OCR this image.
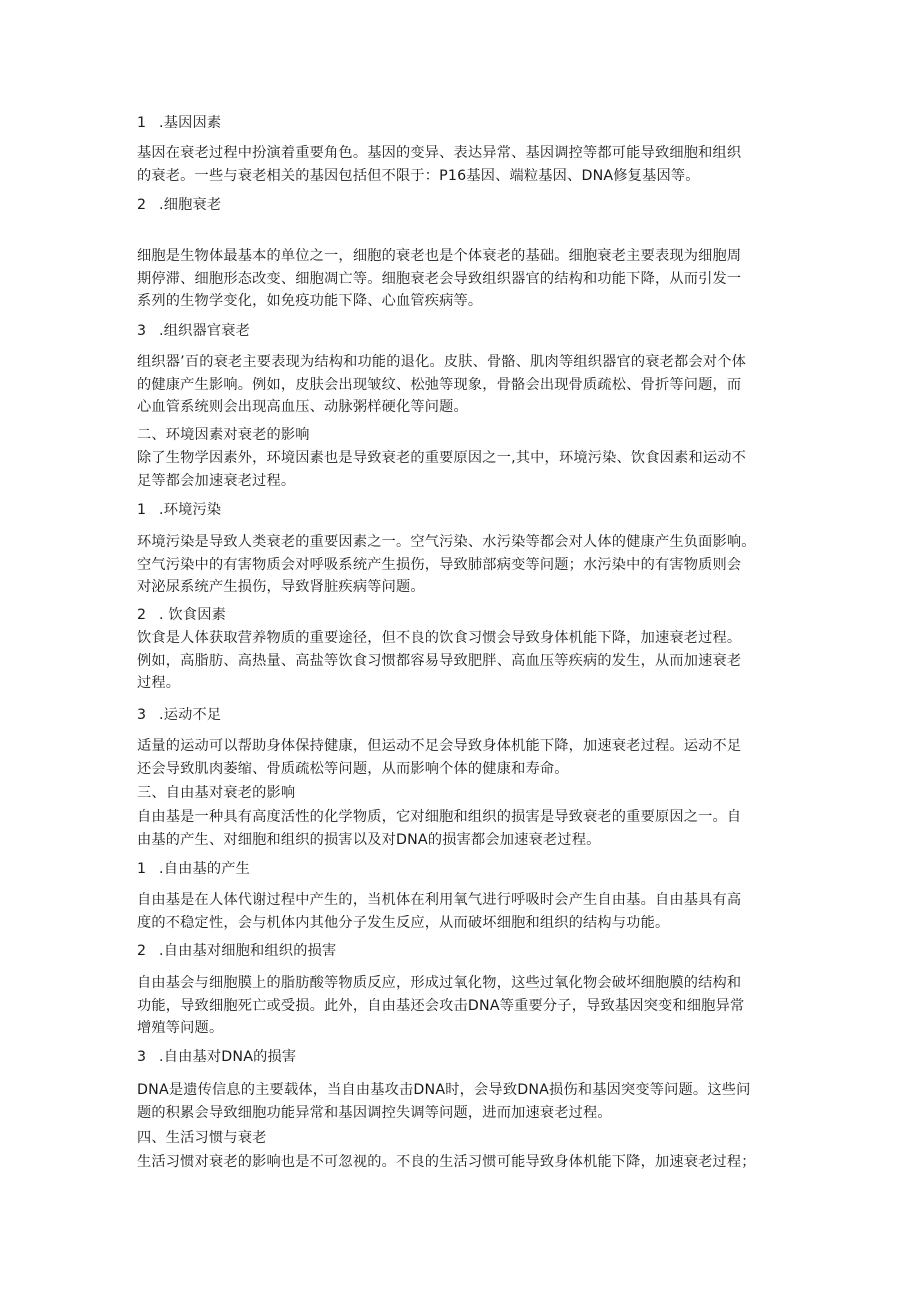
1 .基因因素
基因在衰老过程中扮演着重要角色。基因的变异、表达异常、基因调控等都可能导致细胞和组织
的衰老。一些与衰老相关的基因包括但不限于：P16基因、端粒基因、DNA修复基因等。
2 .细胞衰老
细胞是生物体最基本的单位之一，细胞的衰老也是个体衰老的基础。细胞衰老主要表现为细胞周
期停滞、细胞形态改变、细胞凋亡等。细胞衰老会导致组织器官的结构和功能下降，从而引发一
系列的生物学变化，如免疫功能下降、心血管疾病等。
3 .组织器官衰老
组织器’百的衰老主要表现为结构和功能的退化。皮肤、骨骼、肌肉等组织器官的衰老都会对个体
的健康产生影响。例如，皮肤会出现皱纹、松弛等现象，骨骼会出现骨质疏松、骨折等问题，而
心血管系统则会出现高血压、动脉粥样硬化等问题。
二、环境因素对衰老的影响
除了生物学因素外，环境因素也是导致衰老的重要原因之一,其中，环境污染、饮食因素和运动不
足等都会加速衰老过程。
1 .环境污染
环境污染是导致人类衰老的重要因素之一。空气污染、水污染等都会对人体的健康产生负面影响。
空气污染中的有害物质会对呼吸系统产生损伤，导致肺部病变等问题；水污染中的有害物质则会
对泌尿系统产生损伤，导致肾脏疾病等问题。
2 . 饮食因素
饮食是人体获取营养物质的重要途径，但不良的饮食习惯会导致身体机能下降，加速衰老过程。
例如，高脂肪、高热量、高盐等饮食习惯都容易导致肥胖、高血压等疾病的发生，从而加速衰老
过程。
3 .运动不足
适量的运动可以帮助身体保持健康，但运动不足会导致身体机能下降，加速衰老过程。运动不足
还会导致肌肉萎缩、骨质疏松等问题，从而影响个体的健康和寿命。
三、自由基对衰老的影响
自由基是一种具有高度活性的化学物质，它对细胞和组织的损害是导致衰老的重要原因之一。自
由基的产生、对细胞和组织的损害以及对DNA的损害都会加速衰老过程。
1 .自由基的产生
自由基是在人体代谢过程中产生的，当机体在利用氧气进行呼吸时会产生自由基。自由基具有高
度的不稳定性，会与机体内其他分子发生反应，从而破坏细胞和组织的结构与功能。
2 .自由基对细胞和组织的损害
自由基会与细胞膜上的脂肪酸等物质反应，形成过氧化物，这些过氧化物会破坏细胞膜的结构和
功能，导致细胞死亡或受损。此外，自由基还会攻击DNA等重要分子，导致基因突变和细胞异常
增殖等问题。
3 .自由基对DNA的损害
DNA是遗传信息的主要载体，当自由基攻击DNA时，会导致DNA损伤和基因突变等问题。这些问
题的积累会导致细胞功能异常和基因调控失调等问题，进而加速衰老过程。
四、生活习惯与衰老
生活习惯对衰老的影响也是不可忽视的。不良的生活习惯可能导致身体机能下降，加速衰老过程；
